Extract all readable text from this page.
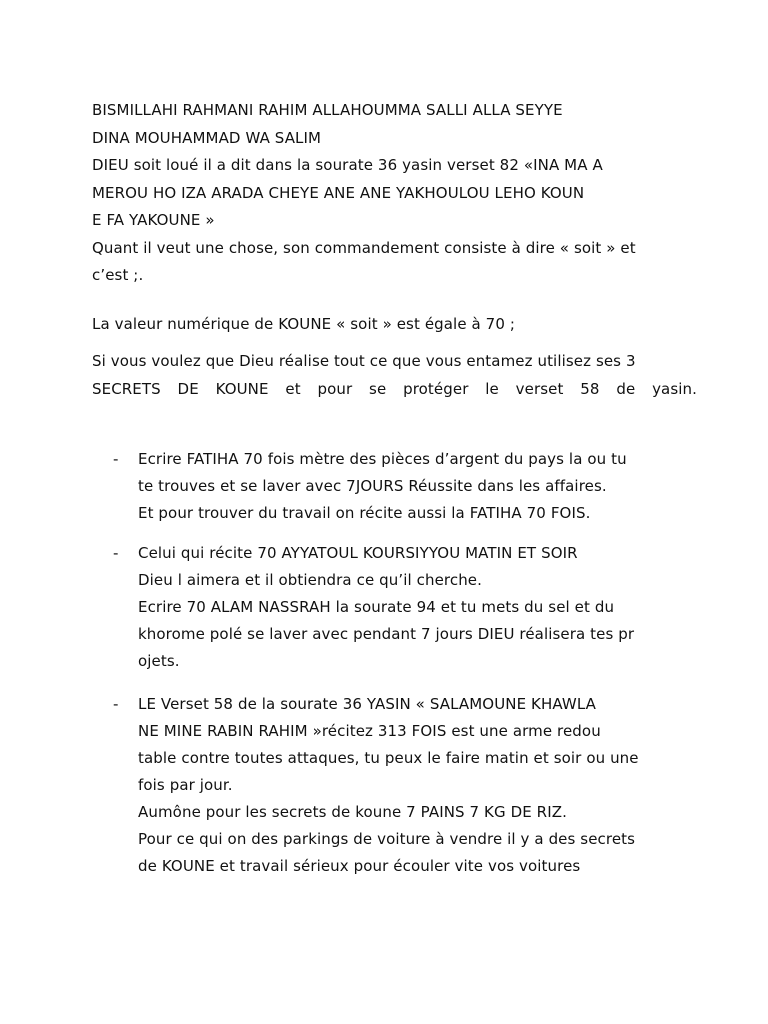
BISMILLAHI RAHMANI RAHIM ALLAHOUMMA SALLI ALLA SEYYE
DINA MOUHAMMAD WA SALIM
DIEU soit loué il a dit dans la sourate 36 yasin verset 82 «INA MA A
MEROU HO IZA ARADA CHEYE ANE ANE YAKHOULOU LEHO KOUN
E FA YAKOUNE »
Quant il veut une chose, son commandement consiste à dire « soit » et
c’est ;.
La valeur numérique de KOUNE « soit » est égale à 70 ;
Si vous voulez que Dieu réalise tout ce que vous entamez utilisez ses 3
SECRETS DE KOUNE et pour se protéger le verset 58 de yasin.
-	Ecrire FATIHA 70 fois mètre des pièces d’argent du pays la ou tu
te trouves et se laver avec 7JOURS Réussite dans les affaires.
Et pour trouver du travail on récite aussi la FATIHA 70 FOIS.
-	Celui qui récite 70 AYYATOUL KOURSIYYOU MATIN ET SOIR
Dieu l aimera et il obtiendra ce qu’il cherche.
Ecrire 70 ALAM NASSRAH la sourate 94 et tu mets du sel et du
khorome polé se laver avec pendant 7 jours DIEU réalisera tes pr
ojets.
-	LE Verset 58 de la sourate 36 YASIN « SALAMOUNE KHAWLA
NE MINE RABIN RAHIM »récitez 313 FOIS est une arme redou
table contre toutes attaques, tu peux le faire matin et soir ou une
fois par jour.
Aumône pour les secrets de koune 7 PAINS 7 KG DE RIZ.
Pour ce qui on des parkings de voiture à vendre il y a des secrets
de KOUNE et travail sérieux pour écouler vite vos voitures
